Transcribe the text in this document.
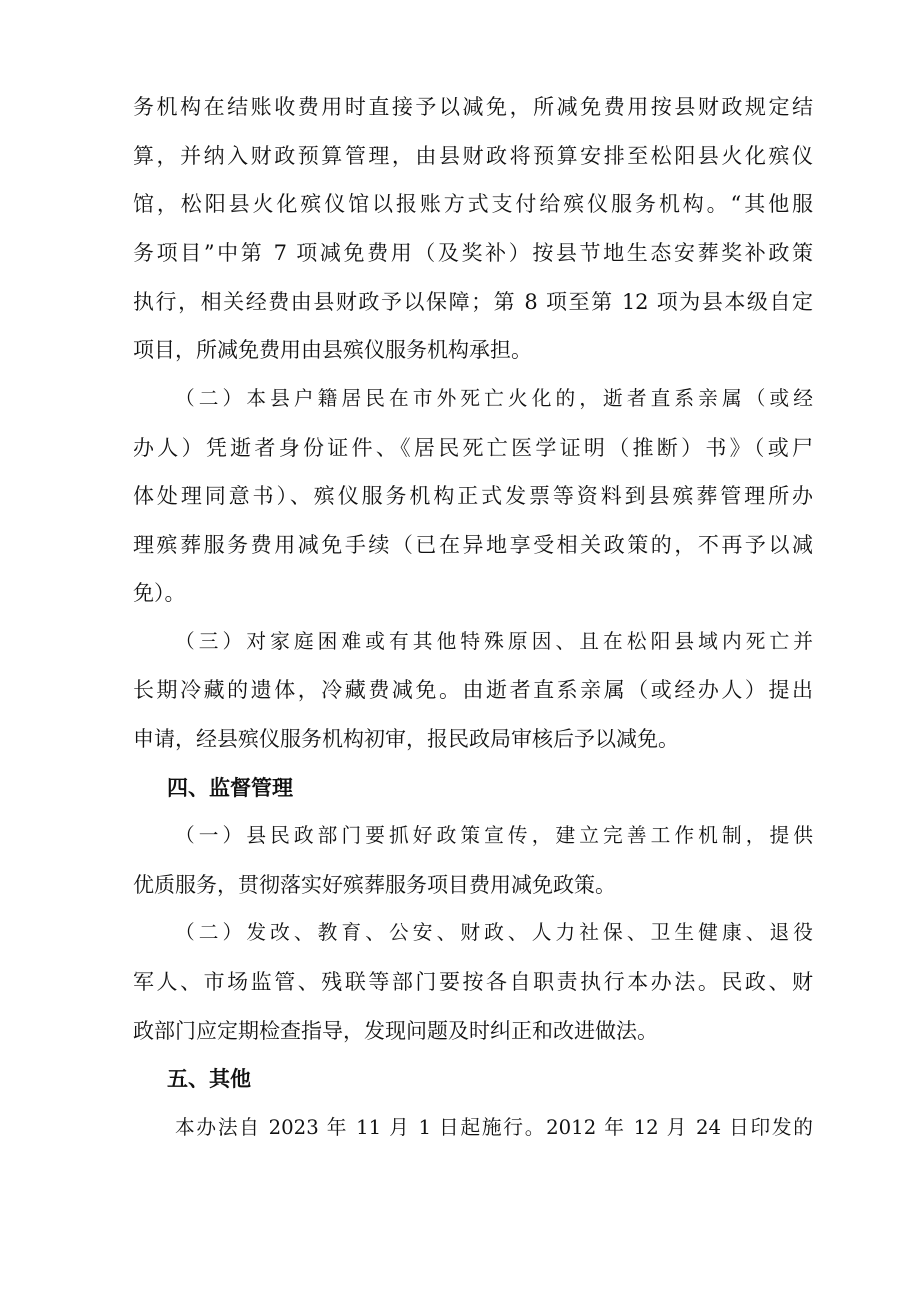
务机构在结账收费用时直接予以减免，所减免费用按县财政规定结
算，并纳入财政预算管理，由县财政将预算安排至松阳县火化殡仪
馆，松阳县火化殡仪馆以报账方式支付给殡仪服务机构。“其他服
务项目”中第 7 项减免费用（及奖补）按县节地生态安葬奖补政策
执行，相关经费由县财政予以保障；第 8 项至第 12 项为县本级自定
项目，所减免费用由县殡仪服务机构承担。
（二）本县户籍居民在市外死亡火化的，逝者直系亲属（或经
办人）凭逝者身份证件、《居民死亡医学证明（推断）书》（或尸
体处理同意书）、殡仪服务机构正式发票等资料到县殡葬管理所办
理殡葬服务费用减免手续（已在异地享受相关政策的，不再予以减
免）。
（三）对家庭困难或有其他特殊原因、且在松阳县域内死亡并
长期冷藏的遗体，冷藏费减免。由逝者直系亲属（或经办人）提出
申请，经县殡仪服务机构初审，报民政局审核后予以减免。
四、监督管理
（一）县民政部门要抓好政策宣传，建立完善工作机制，提供
优质服务，贯彻落实好殡葬服务项目费用减免政策。
（二）发改、教育、公安、财政、人力社保、卫生健康、退役
军人、市场监管、残联等部门要按各自职责执行本办法。民政、财
政部门应定期检查指导，发现问题及时纠正和改进做法。
五、其他
本办法自 2023 年 11 月 1 日起施行。2012 年 12 月 24 日印发的
